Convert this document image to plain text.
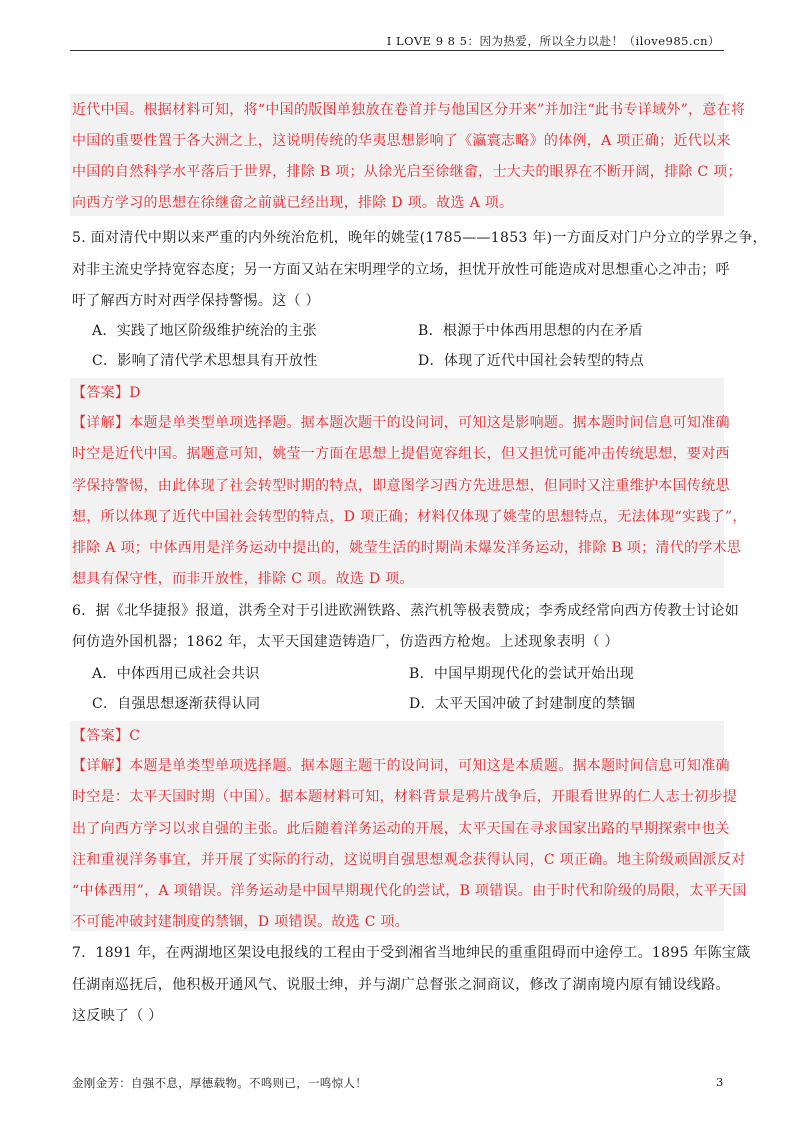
I LOVE 9 8 5：因为热爱，所以全力以赴！（ilove985.cn）
近代中国。根据材料可知，将“中国的版图单独放在卷首并与他国区分开来”并加注“此书专详域外”，意在将
中国的重要性置于各大洲之上，这说明传统的华夷思想影响了《瀛寰志略》的体例，A 项正确；近代以来
中国的自然科学水平落后于世界，排除 B 项；从徐光启至徐继畲，士大夫的眼界在不断开阔，排除 C 项；
向西方学习的思想在徐继畲之前就已经出现，排除 D 项。故选 A 项。
5. 面对清代中期以来严重的内外统治危机，晚年的姚莹(1785——1853 年)一方面反对门户分立的学界之争，
对非主流史学持宽容态度；另一方面又站在宋明理学的立场，担忧开放性可能造成对思想重心之冲击；呼
吁了解西方时对西学保持警惕。这（ ）
A．实践了地区阶级维护统治的主张	B．根源于中体西用思想的内在矛盾
C．影响了清代学术思想具有开放性	D．体现了近代中国社会转型的特点
【答案】D
【详解】本题是单类型单项选择题。据本题次题干的设问词，可知这是影响题。据本题时间信息可知准确
时空是近代中国。据题意可知，姚莹一方面在思想上提倡宽容组长，但又担忧可能冲击传统思想，要对西
学保持警惕，由此体现了社会转型时期的特点，即意图学习西方先进思想，但同时又注重维护本国传统思
想，所以体现了近代中国社会转型的特点，D 项正确；材料仅体现了姚莹的思想特点，无法体现“实践了”，
排除 A 项；中体西用是洋务运动中提出的，姚莹生活的时期尚未爆发洋务运动，排除 B 项；清代的学术思
想具有保守性，而非开放性，排除 C 项。故选 D 项。
6．据《北华捷报》报道，洪秀全对于引进欧洲铁路、蒸汽机等极表赞成；李秀成经常向西方传教士讨论如
何仿造外国机器；1862 年，太平天国建造铸造厂，仿造西方枪炮。上述现象表明（ ）
A．中体西用已成社会共识	B．中国早期现代化的尝试开始出现
C．自强思想逐渐获得认同	D．太平天国冲破了封建制度的禁锢
【答案】C
【详解】本题是单类型单项选择题。据本题主题干的设问词，可知这是本质题。据本题时间信息可知准确
时空是：太平天国时期（中国）。据本题材料可知，材料背景是鸦片战争后，开眼看世界的仁人志士初步提
出了向西方学习以求自强的主张。此后随着洋务运动的开展，太平天国在寻求国家出路的早期探索中也关
注和重视洋务事宜，并开展了实际的行动，这说明自强思想观念获得认同，C 项正确。地主阶级顽固派反对
“中体西用”，A 项错误。洋务运动是中国早期现代化的尝试，B 项错误。由于时代和阶级的局限，太平天国
不可能冲破封建制度的禁锢，D 项错误。故选 C 项。
7．1891 年，在两湖地区架设电报线的工程由于受到湘省当地绅民的重重阻碍而中途停工。1895 年陈宝箴
任湖南巡抚后，他积极开通风气、说服士绅，并与湖广总督张之洞商议，修改了湖南境内原有铺设线路。
这反映了（ ）
金刚金芳：自强不息，厚德载物。不鸣则已，一鸣惊人！	3
